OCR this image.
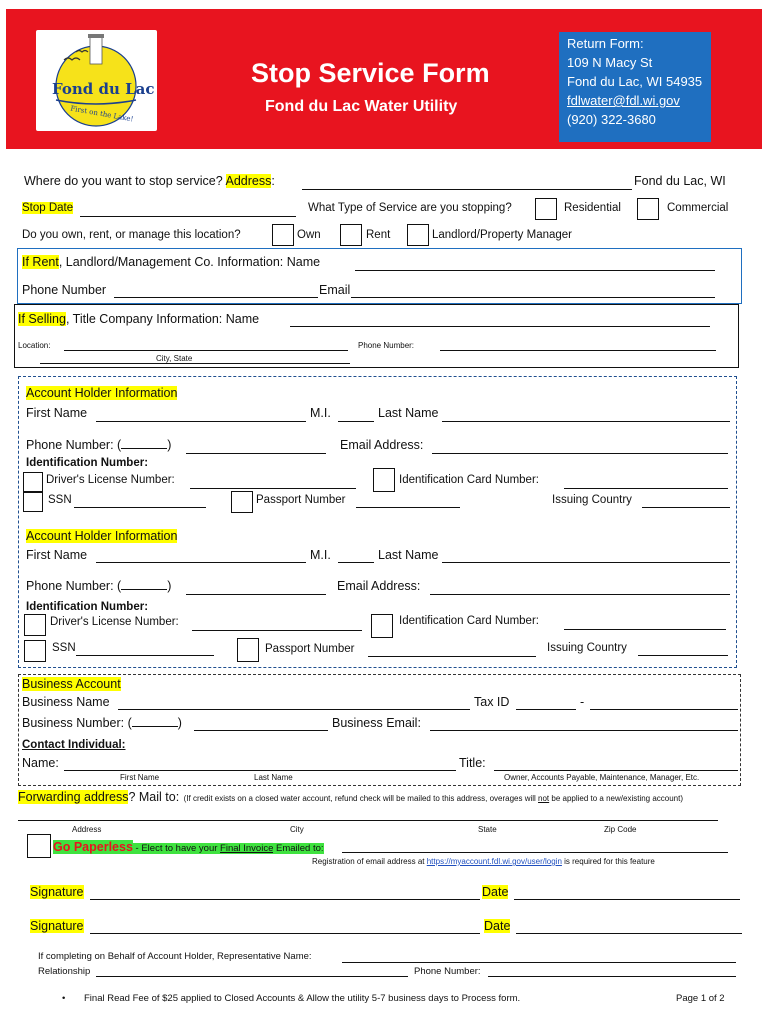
Fond du Lac
First on the Lake!
Stop Service Form
Fond du Lac Water Utility
Return Form:
109 N Macy St
Fond du Lac, WI 54935
fdlwater@fdl.wi.gov
(920) 322-3680
Where do you want to stop service? Address:	Fond du Lac, WI
Stop Date	What Type of Service are you stopping?	Residential	Commercial
Do you own, rent, or manage this location?	Own	Rent	Landlord/Property Manager
If Rent, Landlord/Management Co. Information: Name
Phone Number	Email
If Selling, Title Company Information: Name
Location:	Phone Number:
City, State
Account Holder Information
First Name	M.I.	Last Name
Phone Number: (	)	Email Address:
Identification Number:
Driver's License Number:	Identification Card Number:
SSN	Passport Number	Issuing Country
Account Holder Information
First Name	M.I.	Last Name
Phone Number: (	)	Email Address:
Identification Number:
Driver's License Number:	Identification Card Number:
SSN	Passport Number	Issuing Country
Business Account
Business Name	Tax ID	-
Business Number: (	)	Business Email:
Contact Individual:
Name:	Title:
First Name	Last Name	Owner, Accounts Payable, Maintenance, Manager, Etc.
Forwarding address? Mail to: (If credit exists on a closed water account, refund check will be mailed to this address, overages will not be applied to a new/existing account)
Address	City	State	Zip Code
Go Paperless - Elect to have your Final Invoice Emailed to:
Registration of email address at https://myaccount.fdl.wi.gov/user/login is required for this feature
Signature	Date
Signature	Date
If completing on Behalf of Account Holder, Representative Name:
Relationship	Phone Number:
• Final Read Fee of $25 applied to Closed Accounts & Allow the utility 5-7 business days to Process form.	Page 1 of 2
